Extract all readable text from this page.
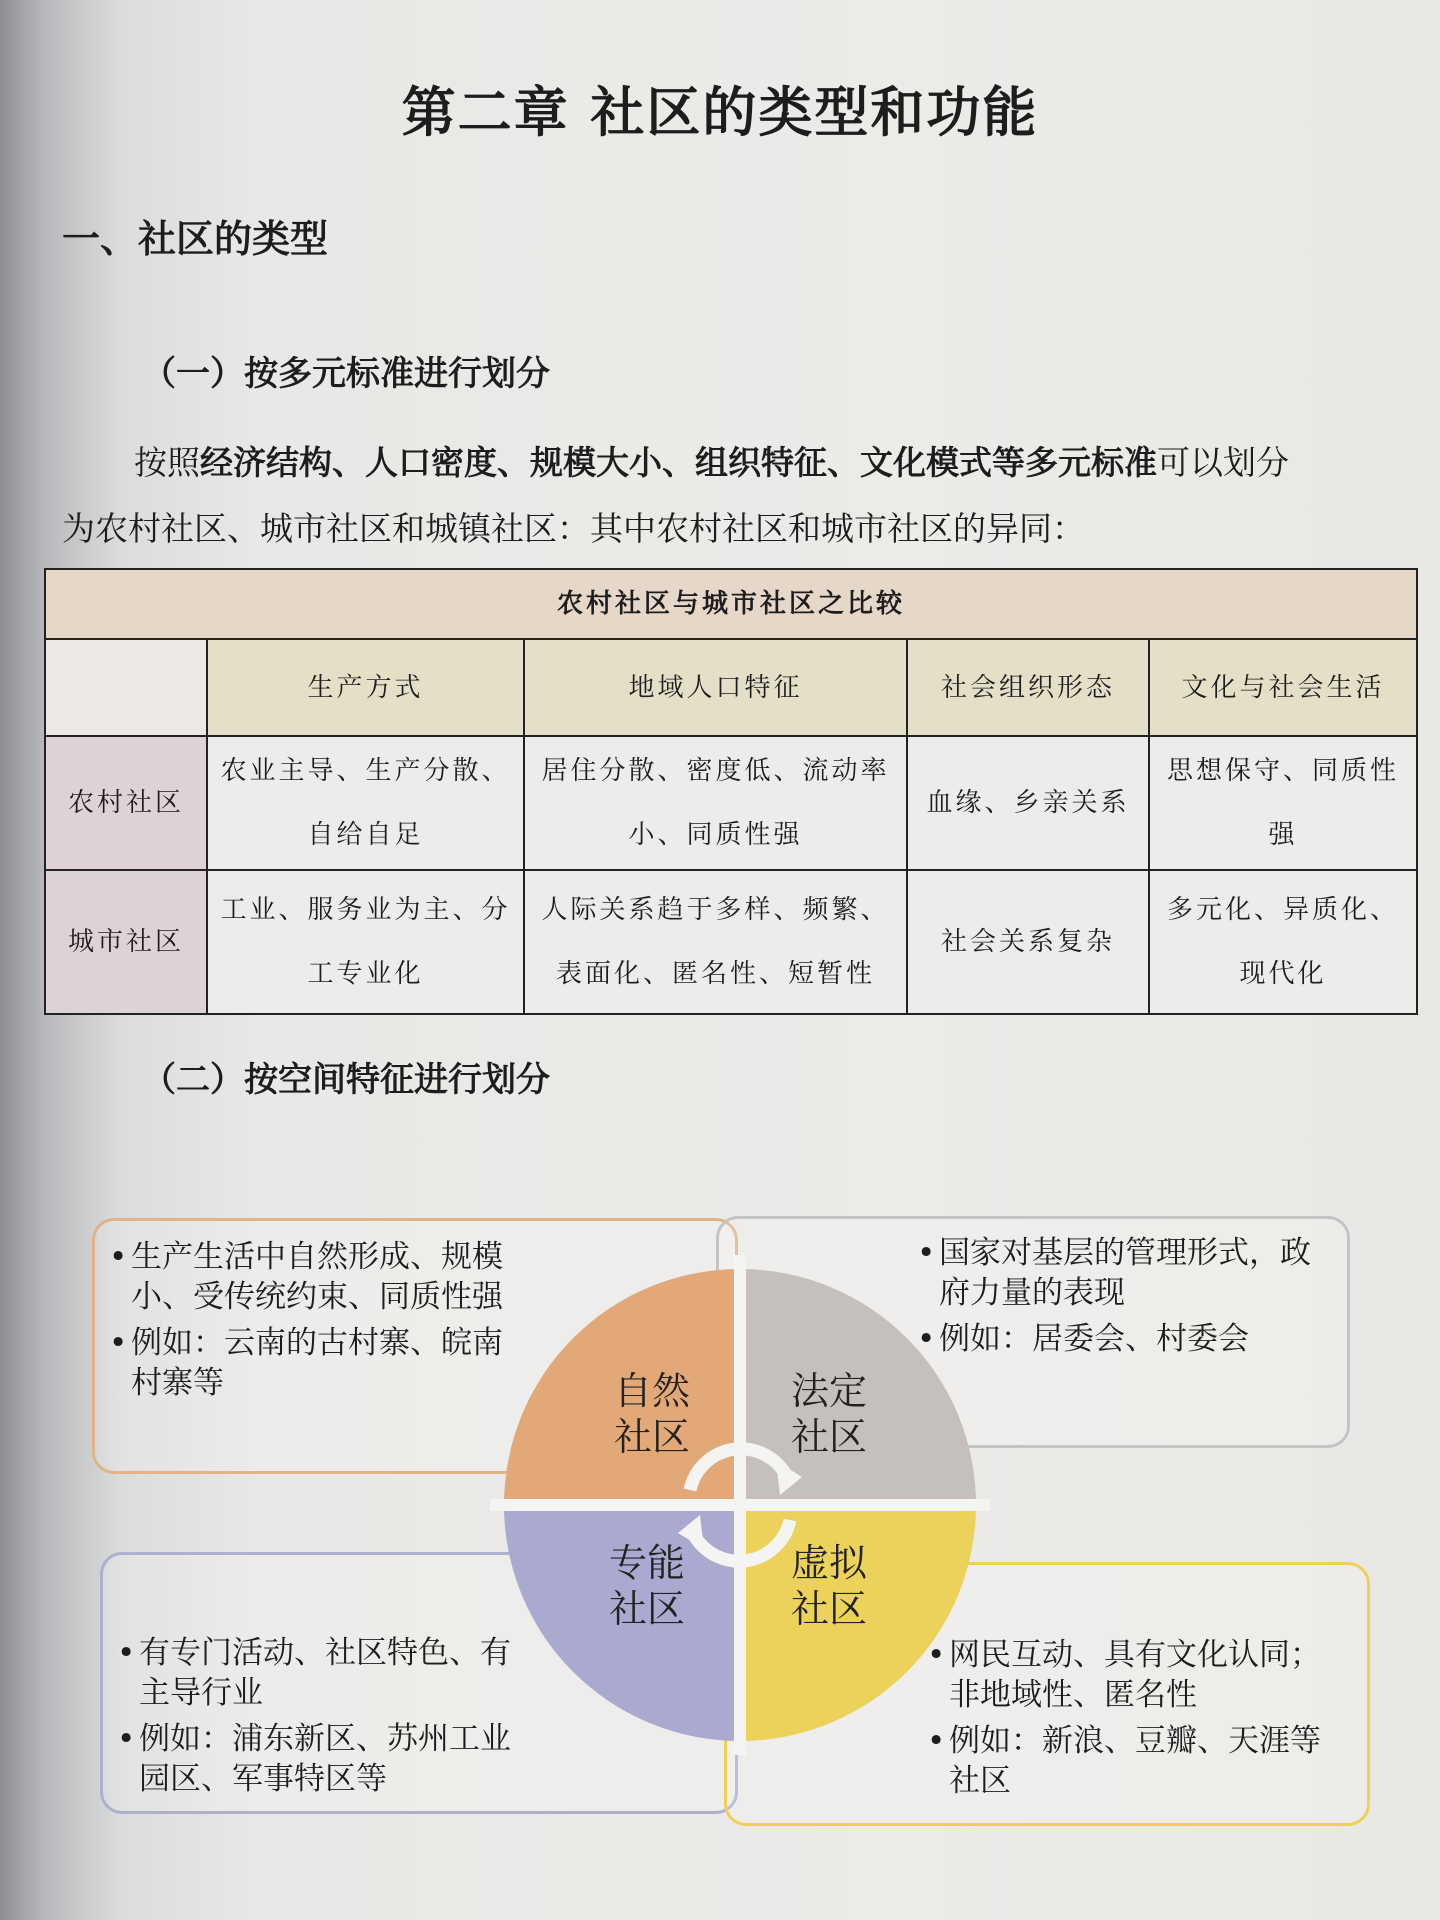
第二章 社区的类型和功能
一、社区的类型
（一）按多元标准进行划分
按照经济结构、人口密度、规模大小、组织特征、文化模式等多元标准可以划分
为农村社区、城市社区和城镇社区：其中农村社区和城市社区的异同：
农村社区与城市社区之比较				
	生产方式	地域人口特征	社会组织形态	文化与社会生活
农村社区	农业主导、生产分散、自给自足	居住分散、密度低、流动率小、同质性强	血缘、乡亲关系	思想保守、同质性强
城市社区	工业、服务业为主、分工专业化	人际关系趋于多样、频繁、表面化、匿名性、短暂性	社会关系复杂	多元化、异质化、现代化
（二）按空间特征进行划分
• 生产生活中自然形成、规模小、受传统约束、同质性强
• 例如：云南的古村寨、皖南村寨等
• 国家对基层的管理形式，政府力量的表现
• 例如：居委会、村委会
• 有专门活动、社区特色、有主导行业
• 例如：浦东新区、苏州工业园区、军事特区等
• 网民互动、具有文化认同；非地域性、匿名性
• 例如：新浪、豆瓣、天涯等社区
自然社区
法定社区
专能社区
虚拟社区
